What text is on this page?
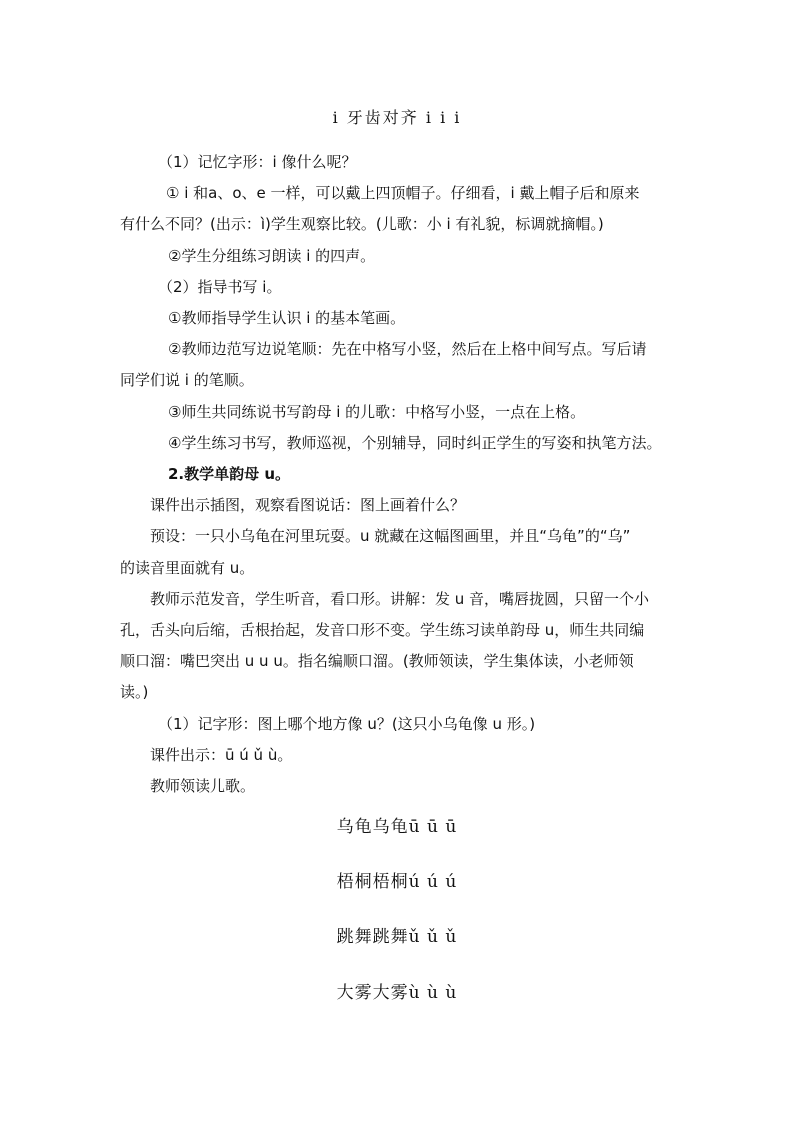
i 牙齿对齐 i i i
（1）记忆字形：i 像什么呢？
① i 和a、o、e 一样，可以戴上四顶帽子。仔细看，i 戴上帽子后和原来
有什么不同？(出示：ì)学生观察比较。(儿歌：小 i 有礼貌，标调就摘帽。)
②学生分组练习朗读 i 的四声。
（2）指导书写 i。
①教师指导学生认识 i 的基本笔画。
②教师边范写边说笔顺：先在中格写小竖，然后在上格中间写点。写后请
同学们说 i 的笔顺。
③师生共同练说书写韵母 i 的儿歌：中格写小竖，一点在上格。
④学生练习书写，教师巡视，个别辅导，同时纠正学生的写姿和执笔方法。
2.教学单韵母 u。
课件出示插图，观察看图说话：图上画着什么？
预设：一只小乌龟在河里玩耍。u 就藏在这幅图画里，并且“乌龟”的“乌”
的读音里面就有 u。
教师示范发音，学生听音，看口形。讲解：发 u 音，嘴唇拢圆，只留一个小
孔，舌头向后缩，舌根抬起，发音口形不变。学生练习读单韵母 u，师生共同编
顺口溜：嘴巴突出 u u u。指名编顺口溜。(教师领读，学生集体读，小老师领
读。)
（1）记字形：图上哪个地方像 u？(这只小乌龟像 u 形。)
课件出示：ū ú ǔ ù。
教师领读儿歌。
乌龟乌龟ū ū ū
梧桐梧桐ú ú ú
跳舞跳舞ǔ ǔ ǔ
大雾大雾ù ù ù
